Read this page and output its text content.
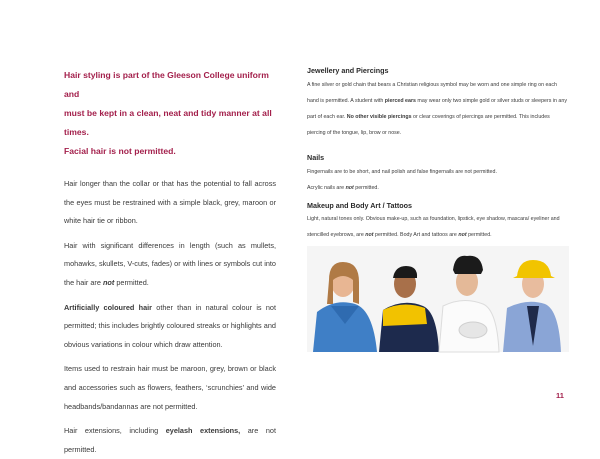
Hair styling is part of the Gleeson College uniform and
must be kept in a clean, neat and tidy manner at all times.
Facial hair is not permitted.

Hair longer than the collar or that has the potential to fall across the eyes must be restrained with a simple black, grey, maroon or white hair tie or ribbon.

Hair with significant differences in length (such as mullets, mohawks, skullets, V-cuts, fades) or with lines or symbols cut into the hair are not permitted.

Artificially coloured hair other than in natural colour is not permitted; this includes brightly coloured streaks or highlights and obvious variations in colour which draw attention.

Items used to restrain hair must be maroon, grey, brown or black and accessories such as flowers, feathers, ‘scrunchies’ and wide headbands/bandannas are not permitted.

Hair extensions, including eyelash extensions, are not permitted.

Jewellery and Piercings

A fine silver or gold chain that bears a Christian religious symbol may be worn and one simple ring on each hand is permitted. A student with pierced ears may wear only two simple gold or silver studs or sleepers in any part of each ear. No other visible piercings or clear coverings of piercings are permitted. This includes piercing of the tongue, lip, brow or nose.

Nails

Fingernails are to be short, and nail polish and false fingernails are not permitted.

Acrylic nails are not permitted.

Makeup and Body Art / Tattoos

Light, natural tones only. Obvious make-up, such as foundation, lipstick, eye shadow, mascara/ eyeliner and stencilled eyebrows, are not permitted. Body Art and tattoos are not permitted.

11
